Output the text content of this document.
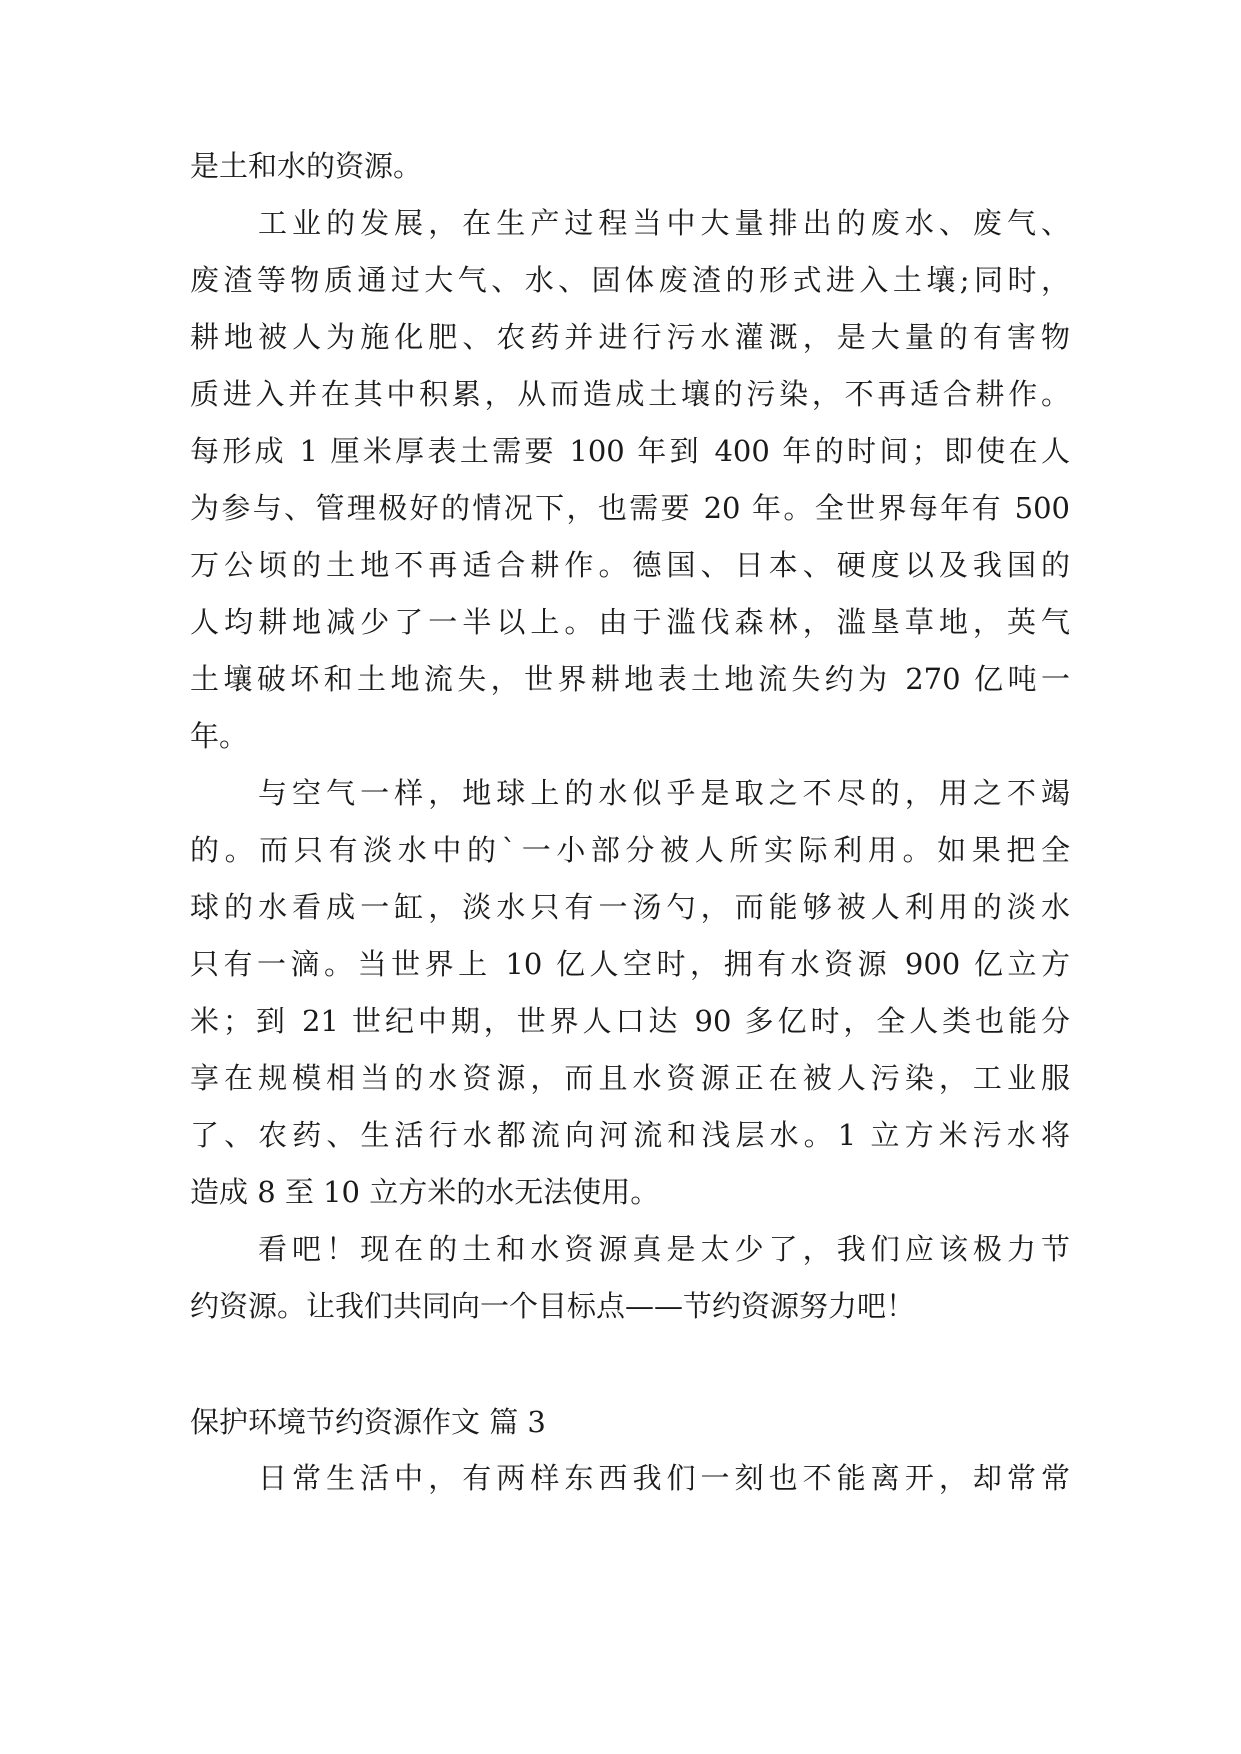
是土和水的资源。
工业的发展，在生产过程当中大量排出的废水、废气、
废渣等物质通过大气、水、固体废渣的形式进入土壤;同时，
耕地被人为施化肥、农药并进行污水灌溉，是大量的有害物
质进入并在其中积累，从而造成土壤的污染，不再适合耕作。
每形成 1 厘米厚表土需要 100 年到 400 年的时间；即使在人
为参与、管理极好的情况下，也需要 20 年。全世界每年有 500
万公顷的土地不再适合耕作。德国、日本、硬度以及我国的
人均耕地减少了一半以上。由于滥伐森林，滥垦草地，英气
土壤破坏和土地流失，世界耕地表土地流失约为 270 亿吨一
年。
与空气一样，地球上的水似乎是取之不尽的，用之不竭
的。而只有淡水中的`一小部分被人所实际利用。如果把全
球的水看成一缸，淡水只有一汤勺，而能够被人利用的淡水
只有一滴。当世界上 10 亿人空时，拥有水资源 900 亿立方
米；到 21 世纪中期，世界人口达 90 多亿时，全人类也能分
享在规模相当的水资源，而且水资源正在被人污染，工业服
了、农药、生活行水都流向河流和浅层水。1 立方米污水将
造成 8 至 10 立方米的水无法使用。
看吧！现在的土和水资源真是太少了，我们应该极力节
约资源。让我们共同向一个目标点——节约资源努力吧！
保护环境节约资源作文 篇 3
日常生活中，有两样东西我们一刻也不能离开，却常常
